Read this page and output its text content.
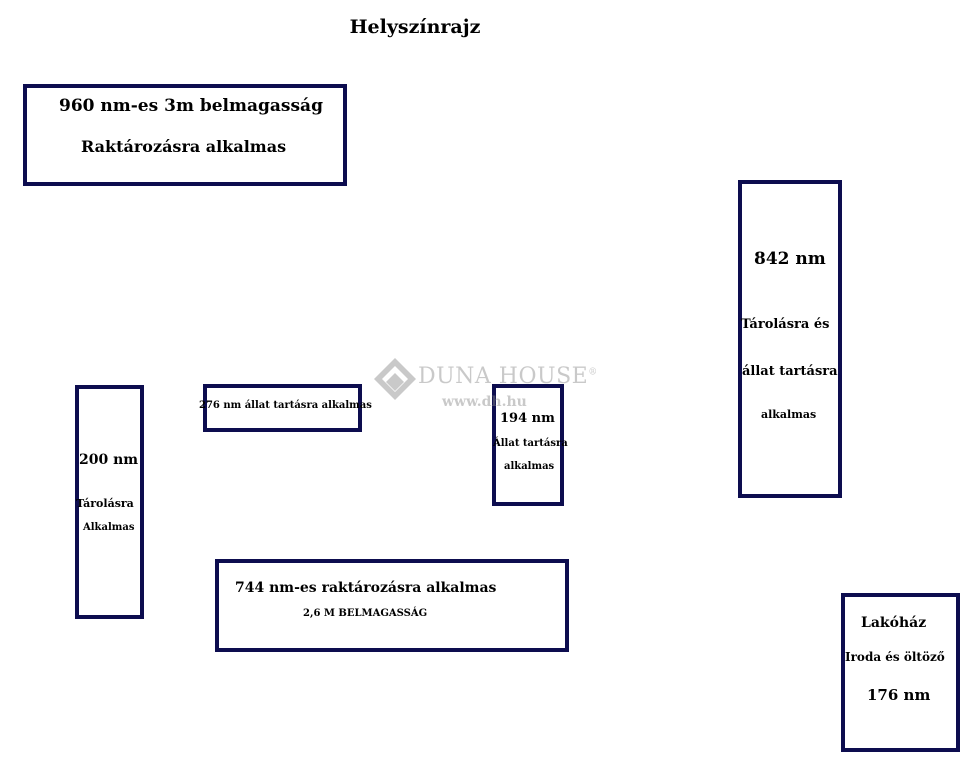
Helyszínrajz
960 nm-es 3m belmagasság
Raktározásra alkalmas
842 nm
Tárolásra és
állat tartásra
alkalmas
276 nm állat tartásra alkalmas
194 nm
Állat tartásra
alkalmas
200 nm
Tárolásra
Alkalmas
744 nm-es raktározásra alkalmas
2,6 M BELMAGASSÁG
Lakóház
Iroda és öltöző
176 nm
DUNA HOUSE®
www.dh.hu
